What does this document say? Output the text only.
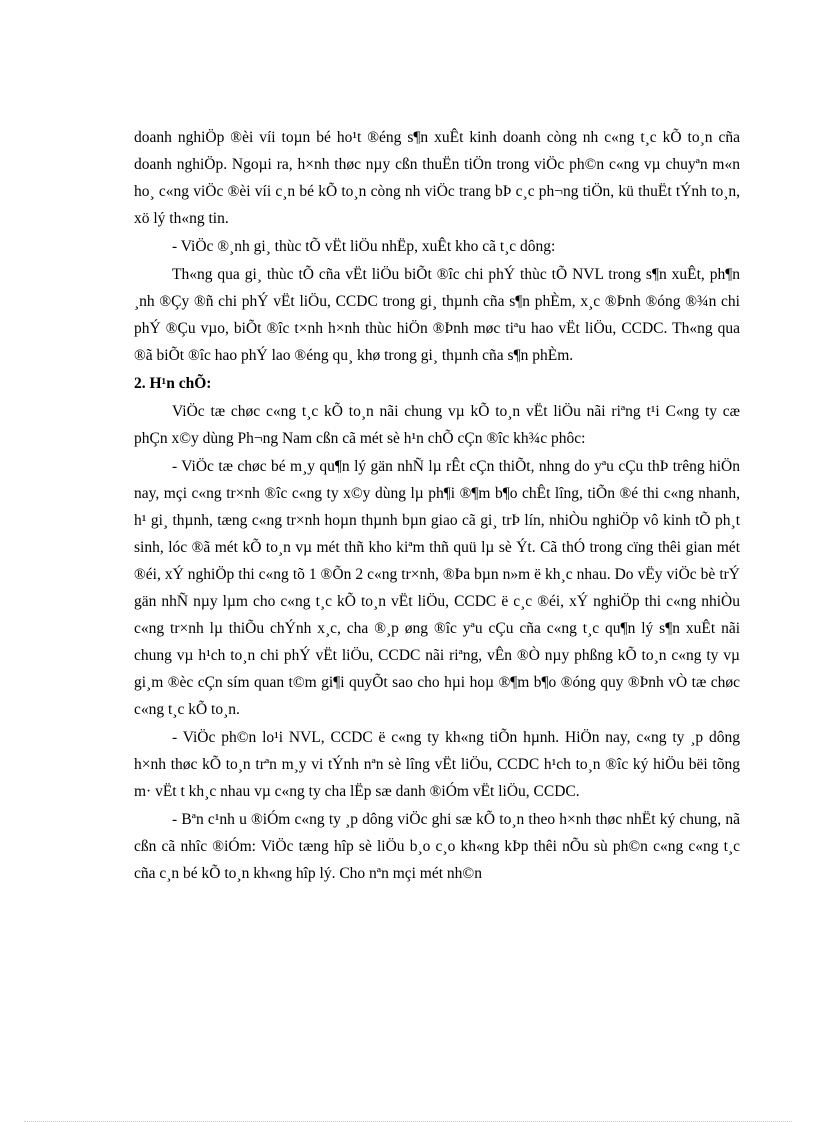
doanh nghiÖp ®èi víi toµn bé ho¹t ®éng s¶n xuÊt kinh doanh còng nh c«ng t¸c kÕ to¸n cña doanh nghiÖp. Ngoµi ra, h×nh thøc nµy cßn thuËn tiÖn trong viÖc ph©n c«ng vµ chuyªn m«n ho¸ c«ng viÖc ®èi víi c¸n bé kÕ to¸n còng nh viÖc trang bÞ c¸c ph¬ng tiÖn, kü thuËt tÝnh to¸n, xö lý th«ng tin.

- ViÖc ®¸nh gi¸ thùc tÕ vËt liÖu nhËp, xuÊt kho cã t¸c dông:

Th«ng qua gi¸ thùc tÕ cña vËt liÖu biÕt ®îc chi phÝ thùc tÕ NVL trong s¶n xuÊt, ph¶n ¸nh ®Çy ®ñ chi phÝ vËt liÖu, CCDC trong gi¸ thµnh cña s¶n phÈm, x¸c ®Þnh ®óng ®¾n chi phÝ ®Çu vµo, biÕt ®îc t×nh h×nh thùc hiÖn ®Þnh møc tiªu hao vËt liÖu, CCDC. Th«ng qua ®ã biÕt ®îc hao phÝ lao ®éng qu¸ khø trong gi¸ thµnh cña s¶n phÈm.

2. H¹n chÕ:

ViÖc tæ chøc c«ng t¸c kÕ to¸n nãi chung vµ kÕ to¸n vËt liÖu nãi riªng t¹i C«ng ty cæ phÇn x©y dùng Ph¬ng Nam cßn cã mét sè h¹n chÕ cÇn ®îc kh¾c phôc:

- ViÖc tæ chøc bé m¸y qu¶n lý gän nhÑ lµ rÊt cÇn thiÕt, nhng do yªu cÇu thÞ trêng hiÖn nay, mçi c«ng tr×nh ®îc c«ng ty x©y dùng lµ ph¶i ®¶m b¶o chÊt lîng, tiÕn ®é thi c«ng nhanh, h¹ gi¸ thµnh, tæng c«ng tr×nh hoµn thµnh bµn giao cã gi¸ trÞ lín, nhiÒu nghiÖp vô kinh tÕ ph¸t sinh, lóc ®ã mét kÕ to¸n vµ mét thñ kho kiªm thñ quü lµ sè Ýt. Cã thÓ trong cïng thêi gian mét ®éi, xÝ nghiÖp thi c«ng tõ 1 ®Õn 2 c«ng tr×nh, ®Þa bµn n»m ë kh¸c nhau. Do vËy viÖc bè trÝ gän nhÑ nµy lµm cho c«ng t¸c kÕ to¸n vËt liÖu, CCDC ë c¸c ®éi, xÝ nghiÖp thi c«ng nhiÒu c«ng tr×nh lµ thiÕu chÝnh x¸c, cha ®¸p øng ®îc yªu cÇu cña c«ng t¸c qu¶n lý s¶n xuÊt nãi chung vµ h¹ch to¸n chi phÝ vËt liÖu, CCDC nãi riªng, vÊn ®Ò nµy phßng kÕ to¸n c«ng ty vµ gi¸m ®èc cÇn sím quan t©m gi¶i quyÕt sao cho hµi hoµ ®¶m b¶o ®óng quy ®Þnh vÒ tæ chøc c«ng t¸c kÕ to¸n.

- ViÖc ph©n lo¹i NVL, CCDC ë c«ng ty kh«ng tiÕn hµnh. HiÖn nay, c«ng ty ¸p dông h×nh thøc kÕ to¸n trªn m¸y vi tÝnh nªn sè lîng vËt liÖu, CCDC h¹ch to¸n ®îc ký hiÖu bëi tõng m· vËt t kh¸c nhau vµ c«ng ty cha lËp sæ danh ®iÓm vËt liÖu, CCDC.

- Bªn c¹nh u ®iÓm c«ng ty ¸p dông viÖc ghi sæ kÕ to¸n theo h×nh thøc nhËt ký chung, nã cßn cã nhîc ®iÓm: ViÖc tæng hîp sè liÖu b¸o c¸o kh«ng kÞp thêi nÕu sù ph©n c«ng c«ng t¸c cña c¸n bé kÕ to¸n kh«ng hîp lý. Cho nªn mçi mét nh©n
